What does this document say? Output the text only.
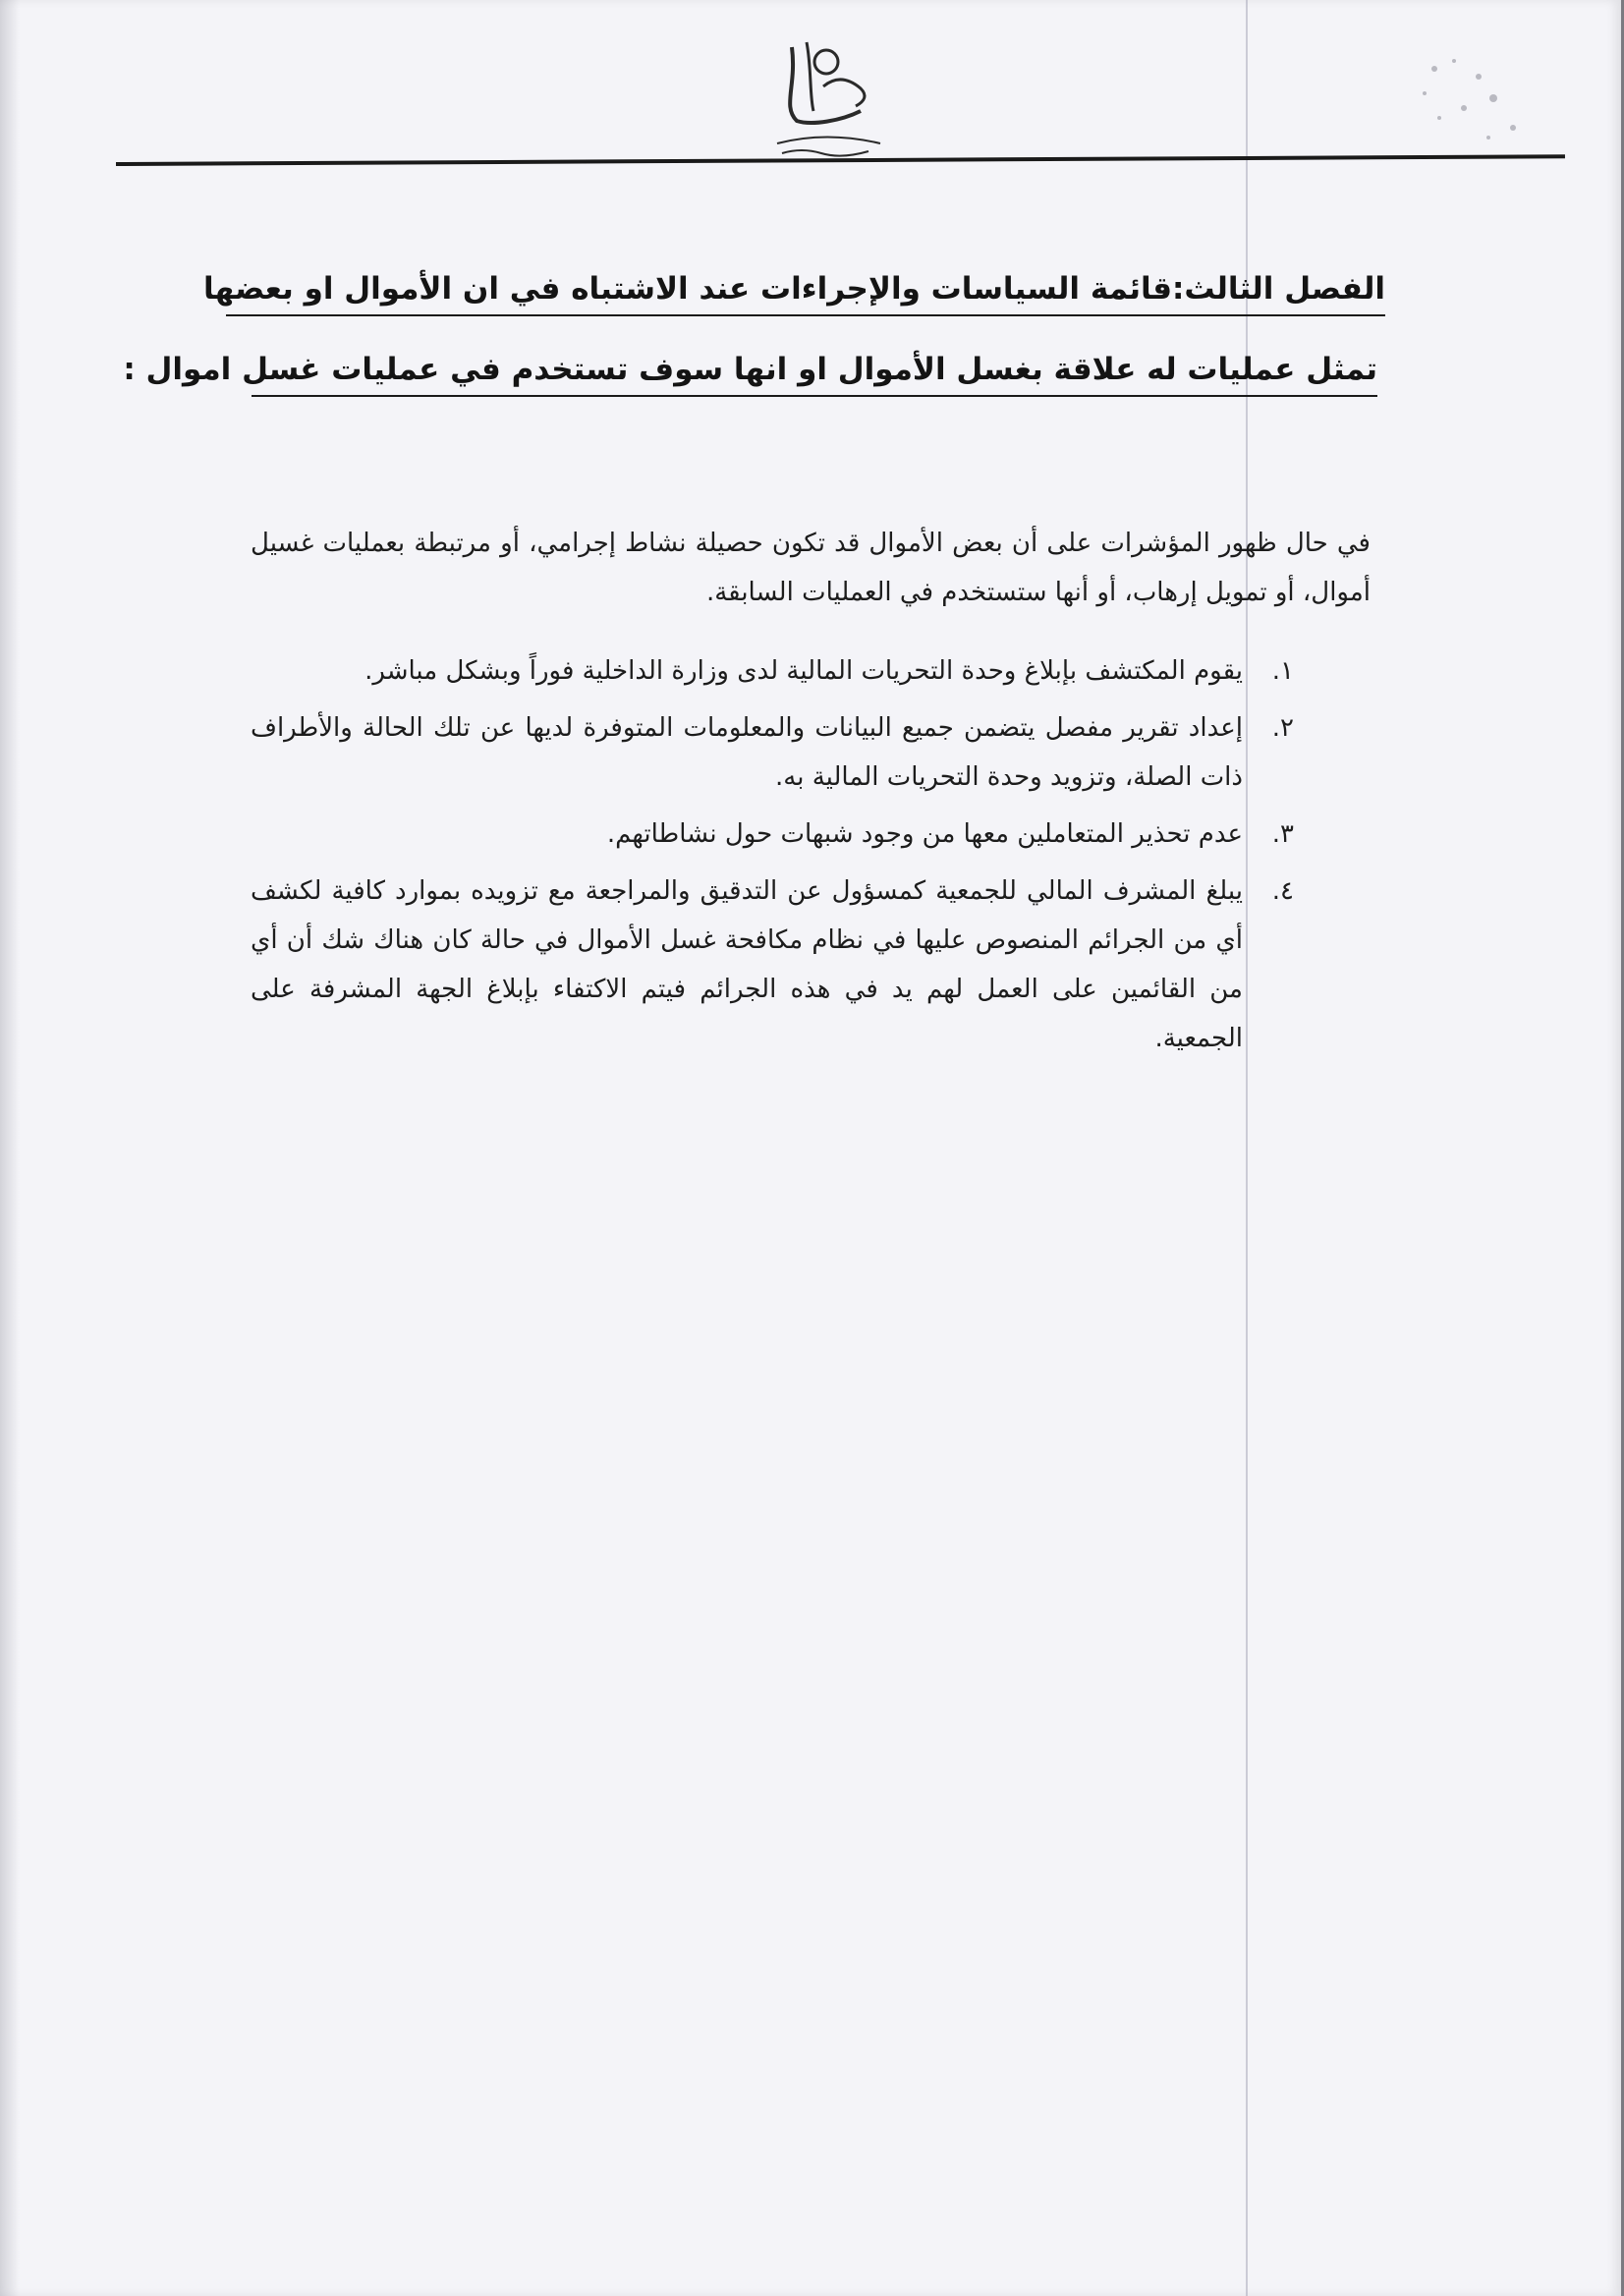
الفصل الثالث:قائمة السياسات والإجراءات عند الاشتباه في ان الأموال او بعضها
تمثل عمليات له علاقة بغسل الأموال او انها سوف تستخدم في عمليات غسل اموال :
في حال ظهور المؤشرات على أن بعض الأموال قد تكون حصيلة نشاط إجرامي، أو مرتبطة بعمليات غسيل أموال، أو تمويل إرهاب، أو أنها ستستخدم في العمليات السابقة.
١.
يقوم المكتشف بإبلاغ وحدة التحريات المالية لدى وزارة الداخلية فوراً وبشكل مباشر.
٢.
إعداد تقرير مفصل يتضمن جميع البيانات والمعلومات المتوفرة لديها عن تلك الحالة والأطراف ذات الصلة، وتزويد وحدة التحريات المالية به.
٣.
عدم تحذير المتعاملين معها من وجود شبهات حول نشاطاتهم.
٤.
يبلغ المشرف المالي للجمعية كمسؤول عن التدقيق والمراجعة مع تزويده بموارد كافية لكشف أي من الجرائم المنصوص عليها في نظام مكافحة غسل الأموال في حالة كان هناك شك أن أي من القائمين على العمل لهم يد في هذه الجرائم فيتم الاكتفاء بإبلاغ الجهة المشرفة على الجمعية.
